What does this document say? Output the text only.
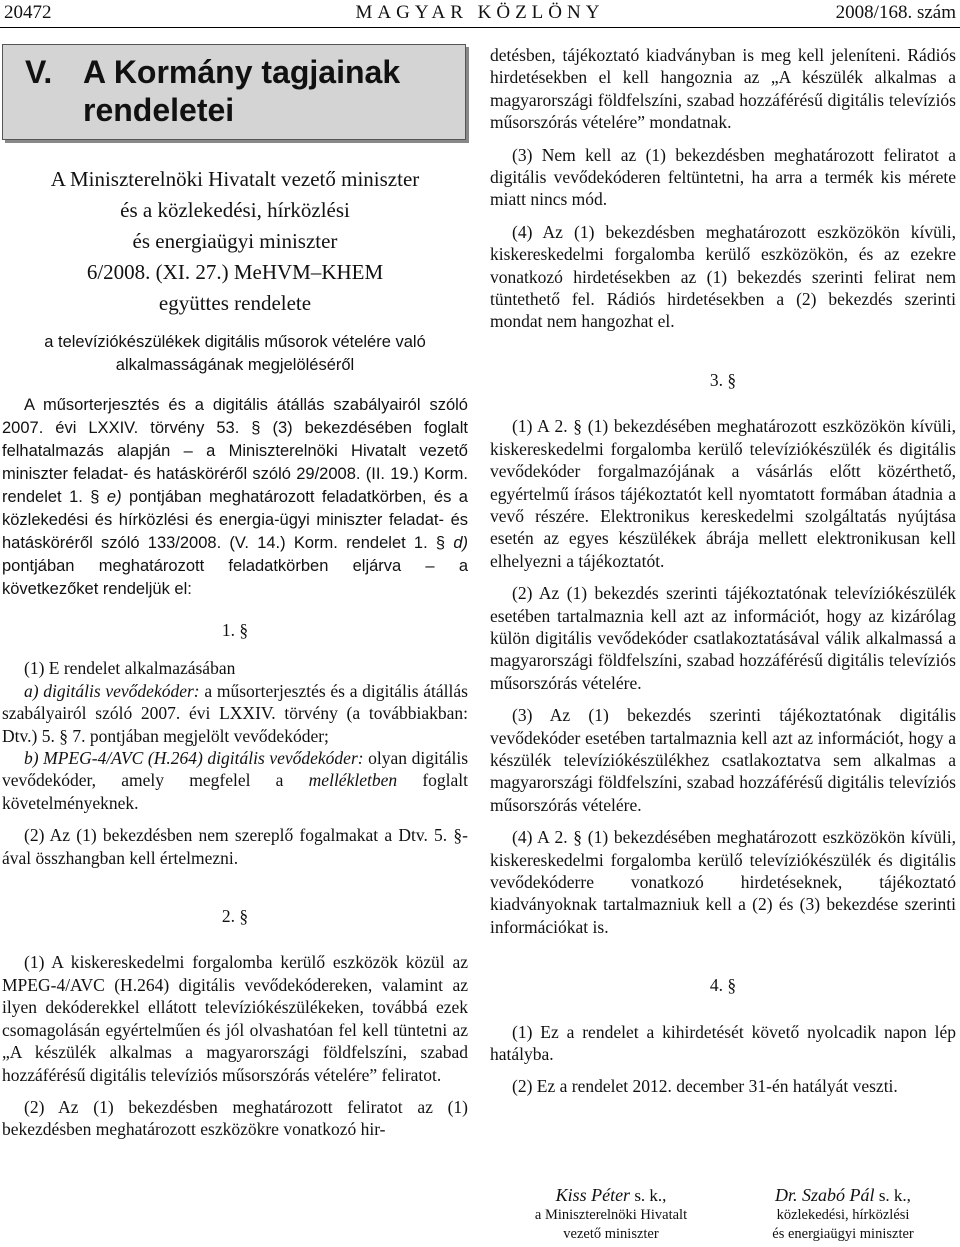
20472	MAGYAR KÖZLÖNY	2008/168. szám
V. A Kormány tagjainak
rendeletei
A Miniszterelnöki Hivatalt vezető miniszter
és a közlekedési, hírközlési
és energiaügyi miniszter
6/2008. (XI. 27.) MeHVM–KHEM
együttes rendelete
a televíziókészülékek digitális műsorok vételére való
alkalmasságának megjelöléséről

A műsorterjesztés és a digitális átállás szabályairól szóló 2007. évi LXXIV. törvény 53. § (3) bekezdésében foglalt felhatalmazás alapján – a Miniszterelnöki Hivatalt vezető miniszter feladat- és hatásköréről szóló 29/2008. (II. 19.) Korm. rendelet 1. § e) pontjában meghatározott feladatkörben, és a közlekedési és hírközlési és energia-ügyi miniszter feladat- és hatásköréről szóló 133/2008. (V. 14.) Korm. rendelet 1. § d) pontjában meghatározott feladatkörben eljárva – a következőket rendeljük el:

1. §

(1) E rendelet alkalmazásában

a) digitális vevődekóder: a műsorterjesztés és a digitális átállás szabályairól szóló 2007. évi LXXIV. törvény (a továbbiakban: Dtv.) 5. § 7. pontjában megjelölt vevődekóder;

b) MPEG-4/AVC (H.264) digitális vevődekóder: olyan digitális vevődekóder, amely megfelel a mellékletben foglalt követelményeknek.

(2) Az (1) bekezdésben nem szereplő fogalmakat a Dtv. 5. §-ával összhangban kell értelmezni.

2. §

(1) A kiskereskedelmi forgalomba kerülő eszközök közül az MPEG-4/AVC (H.264) digitális vevődekódereken, valamint az ilyen dekóderekkel ellátott televíziókészülékeken, továbbá ezek csomagolásán egyértelműen és jól olvashatóan fel kell tüntetni az „A készülék alkalmas a magyarországi földfelszíni, szabad hozzáférésű digitális televíziós műsorszórás vételére” feliratot.

(2) Az (1) bekezdésben meghatározott feliratot az (1) bekezdésben meghatározott eszközökre vonatkozó hir-

detésben, tájékoztató kiadványban is meg kell jeleníteni. Rádiós hirdetésekben el kell hangoznia az „A készülék alkalmas a magyarországi földfelszíni, szabad hozzáférésű digitális televíziós műsorszórás vételére” mondatnak.

(3) Nem kell az (1) bekezdésben meghatározott feliratot a digitális vevődekóderen feltüntetni, ha arra a termék kis mérete miatt nincs mód.

(4) Az (1) bekezdésben meghatározott eszközökön kívüli, kiskereskedelmi forgalomba kerülő eszközökön, és az ezekre vonatkozó hirdetésekben az (1) bekezdés szerinti felirat nem tüntethető fel. Rádiós hirdetésekben a (2) bekezdés szerinti mondat nem hangozhat el.

3. §

(1) A 2. § (1) bekezdésében meghatározott eszközökön kívüli, kiskereskedelmi forgalomba kerülő televíziókészülék és digitális vevődekóder forgalmazójának a vásárlás előtt közérthető, egyértelmű írásos tájékoztatót kell nyomtatott formában átadnia a vevő részére. Elektronikus kereskedelmi szolgáltatás nyújtása esetén az egyes készülékek ábrája mellett elektronikusan kell elhelyezni a tájékoztatót.

(2) Az (1) bekezdés szerinti tájékoztatónak televíziókészülék esetében tartalmaznia kell azt az információt, hogy az kizárólag külön digitális vevődekóder csatlakoztatásával válik alkalmassá a magyarországi földfelszíni, szabad hozzáférésű digitális televíziós műsorszórás vételére.

(3) Az (1) bekezdés szerinti tájékoztatónak digitális vevődekóder esetében tartalmaznia kell azt az információt, hogy a készülék televíziókészülékhez csatlakoztatva sem alkalmas a magyarországi földfelszíni, szabad hozzáférésű digitális televíziós műsorszórás vételére.

(4) A 2. § (1) bekezdésében meghatározott eszközökön kívüli, kiskereskedelmi forgalomba kerülő televíziókészülék és digitális vevődekóderre vonatkozó hirdetéseknek, tájékoztató kiadványoknak tartalmazniuk kell a (2) és (3) bekezdése szerinti információkat is.

4. §

(1) Ez a rendelet a kihirdetését követő nyolcadik napon lép hatályba.

(2) Ez a rendelet 2012. december 31-én hatályát veszti.

Kiss Péter s. k.,
a Miniszterelnöki Hivatalt
vezető miniszter
Dr. Szabó Pál s. k.,
közlekedési, hírközlési
és energiaügyi miniszter
